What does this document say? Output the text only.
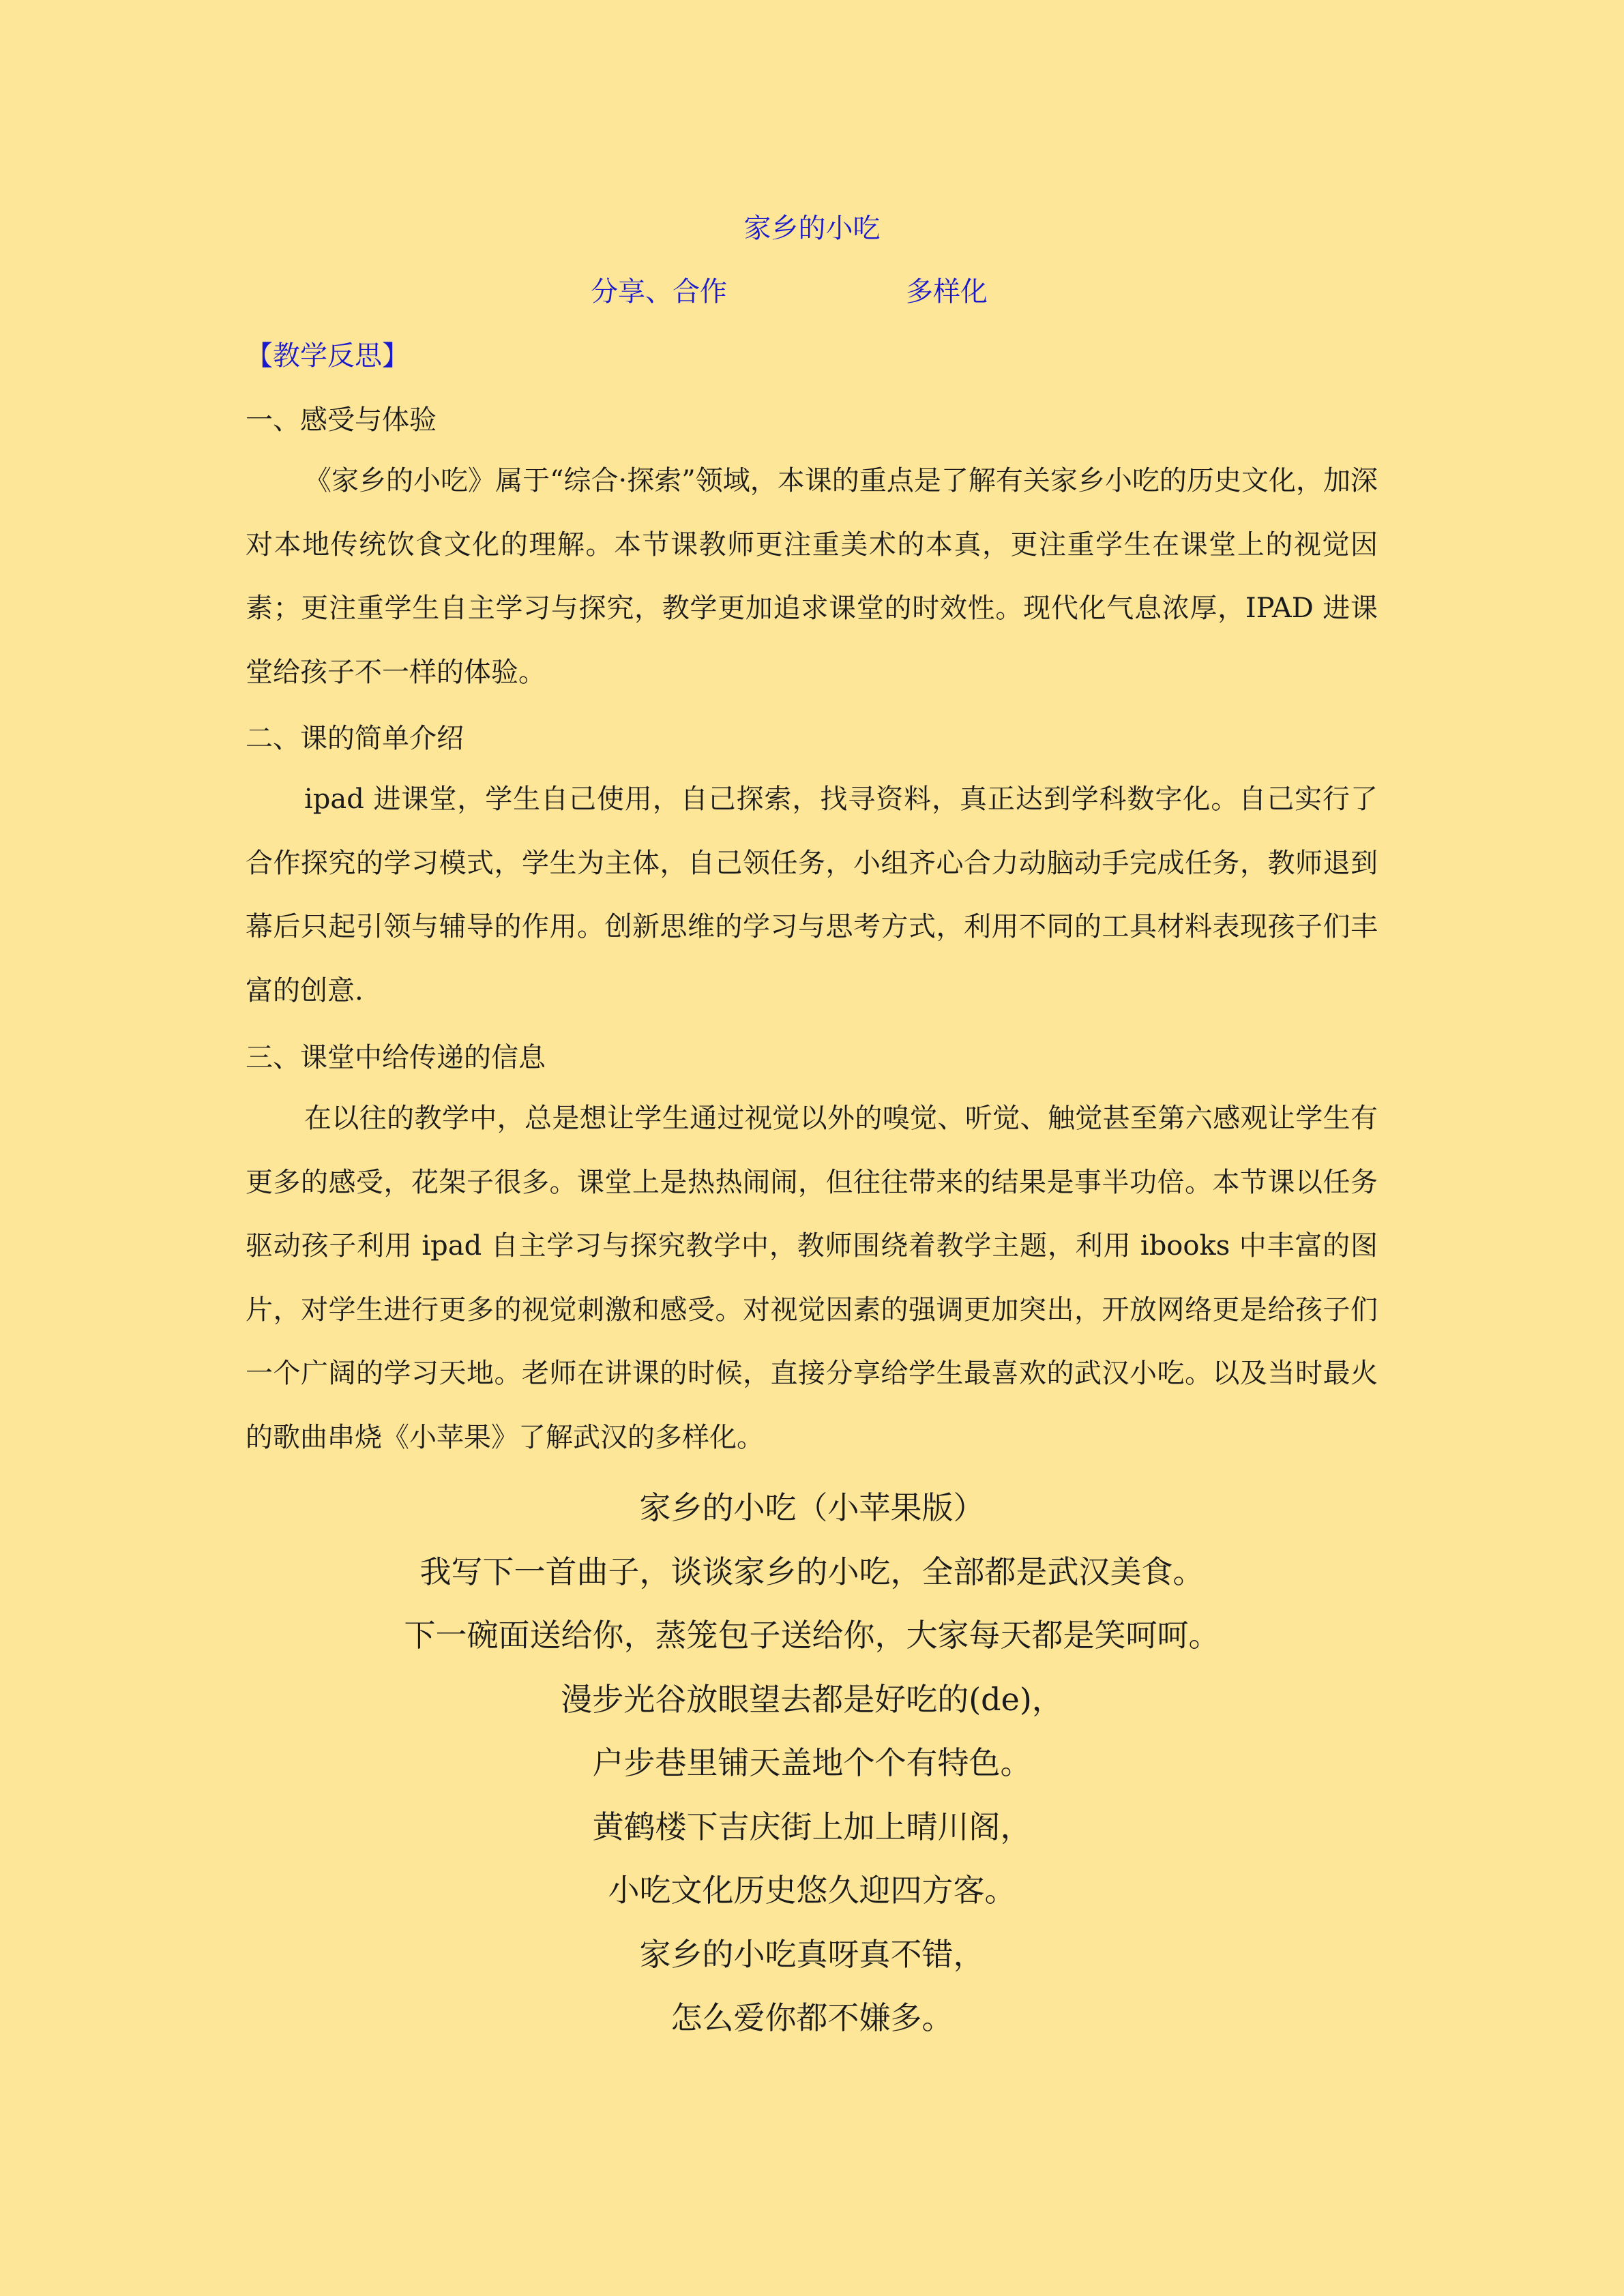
家乡的小吃
分享、合作	多样化
【教学反思】
一、感受与体验

《家乡的小吃》属于“综合·探索”领域，本课的重点是了解有关家乡小吃的历史文化，加深对本地传统饮食文化的理解。本节课教师更注重美术的本真，更注重学生在课堂上的视觉因素；更注重学生自主学习与探究，教学更加追求课堂的时效性。现代化气息浓厚，IPAD 进课堂给孩子不一样的体验。

二、课的简单介绍

ipad 进课堂，学生自己使用，自己探索，找寻资料，真正达到学科数字化。自己实行了合作探究的学习模式，学生为主体，自己领任务，小组齐心合力动脑动手完成任务，教师退到幕后只起引领与辅导的作用。创新思维的学习与思考方式，利用不同的工具材料表现孩子们丰富的创意.

三、课堂中给传递的信息

在以往的教学中，总是想让学生通过视觉以外的嗅觉、听觉、触觉甚至第六感观让学生有更多的感受，花架子很多。课堂上是热热闹闹，但往往带来的结果是事半功倍。本节课以任务驱动孩子利用 ipad 自主学习与探究教学中，教师围绕着教学主题，利用 ibooks 中丰富的图片，对学生进行更多的视觉刺激和感受。对视觉因素的强调更加突出，开放网络更是给孩子们一个广阔的学习天地。老师在讲课的时候，直接分享给学生最喜欢的武汉小吃。以及当时最火的歌曲串烧《小苹果》了解武汉的多样化。

家乡的小吃（小苹果版）
我写下一首曲子，谈谈家乡的小吃，全部都是武汉美食。
下一碗面送给你，蒸笼包子送给你，大家每天都是笑呵呵。
漫步光谷放眼望去都是好吃的(de)，
户步巷里铺天盖地个个有特色。
黄鹤楼下吉庆街上加上晴川阁，
小吃文化历史悠久迎四方客。
家乡的小吃真呀真不错，
怎么爱你都不嫌多。
